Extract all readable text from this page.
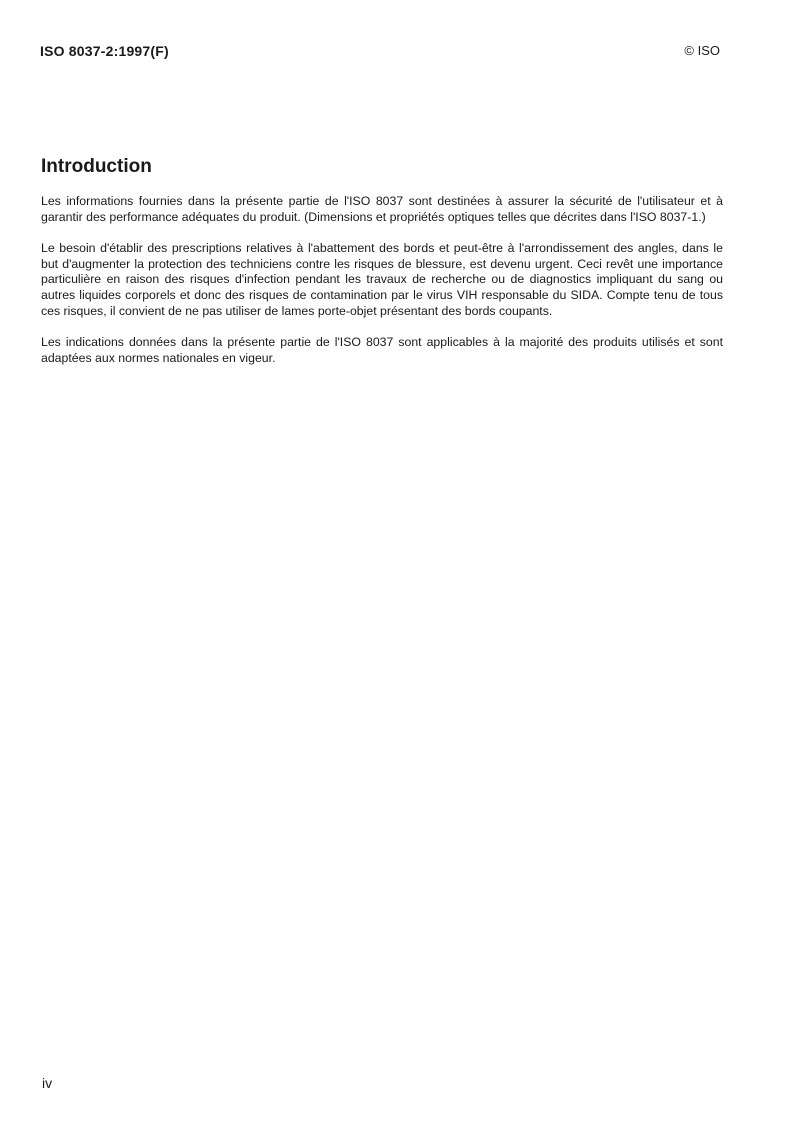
ISO 8037-2:1997(F)	© ISO
Introduction

Les informations fournies dans la présente partie de l'ISO 8037 sont destinées à assurer la sécurité de l'utilisateur et à garantir des performance adéquates du produit. (Dimensions et propriétés optiques telles que décrites dans l'ISO 8037-1.)

Le besoin d'établir des prescriptions relatives à l'abattement des bords et peut-être à l'arrondissement des angles, dans le but d'augmenter la protection des techniciens contre les risques de blessure, est devenu urgent. Ceci revêt une importance particulière en raison des risques d'infection pendant les travaux de recherche ou de diagnostics impliquant du sang ou autres liquides corporels et donc des risques de contamination par le virus VIH responsable du SIDA. Compte tenu de tous ces risques, il convient de ne pas utiliser de lames porte-objet présentant des bords coupants.

Les indications données dans la présente partie de l'ISO 8037 sont applicables à la majorité des produits utilisés et sont adaptées aux normes nationales en vigeur.

iv
